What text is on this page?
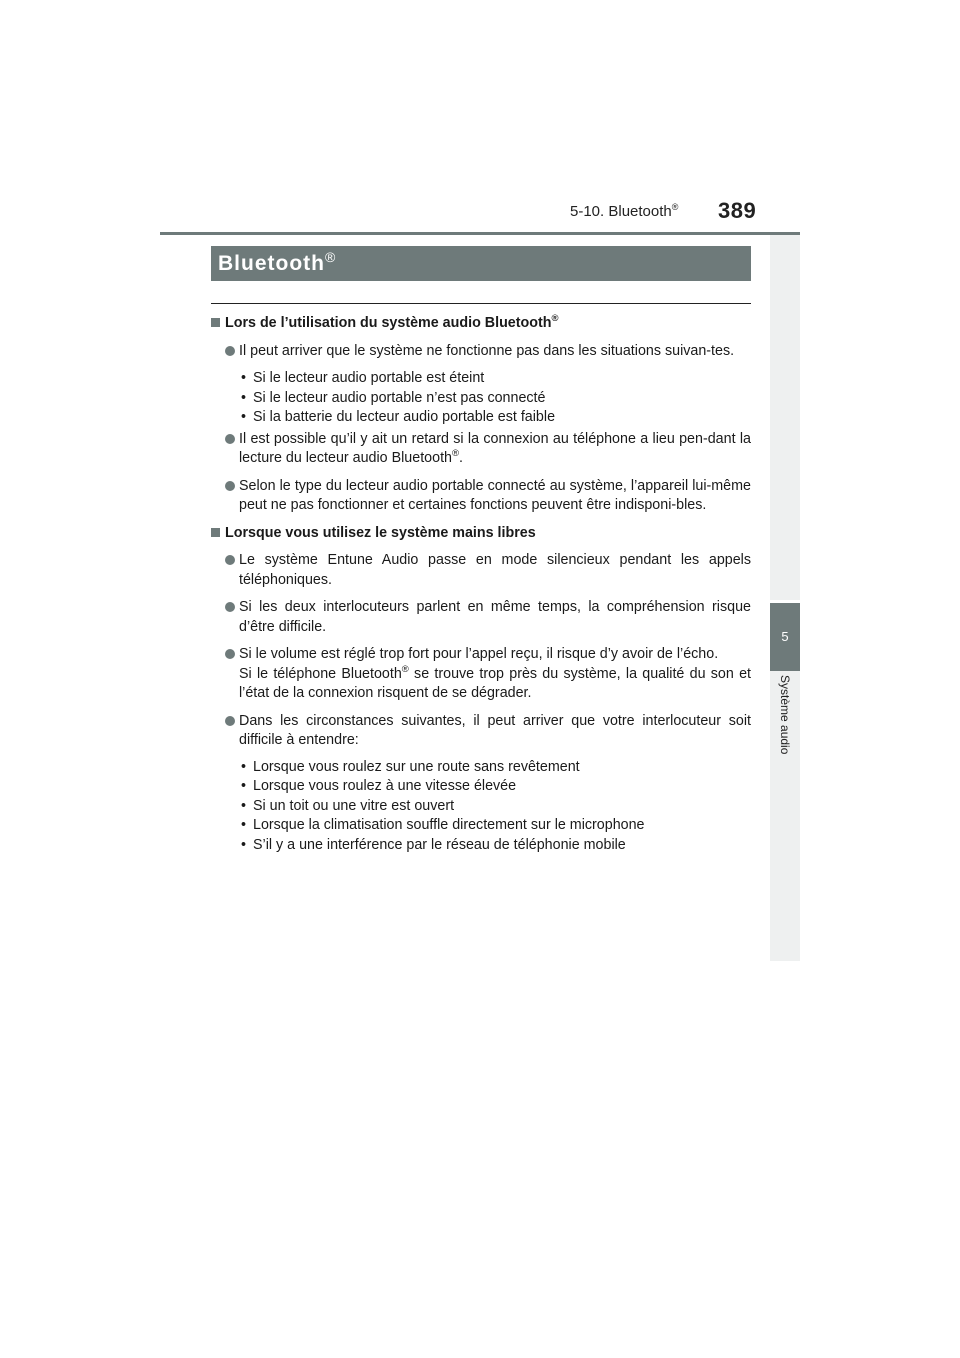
5-10. Bluetooth® 389
5
Système audio
Bluetooth®
Lors de l’utilisation du système audio Bluetooth®
Il peut arriver que le système ne fonctionne pas dans les situations suivan-tes.
• Si le lecteur audio portable est éteint
• Si le lecteur audio portable n’est pas connecté
• Si la batterie du lecteur audio portable est faible
Il est possible qu’il y ait un retard si la connexion au téléphone a lieu pen-dant la lecture du lecteur audio Bluetooth®.
Selon le type du lecteur audio portable connecté au système, l’appareil lui-même peut ne pas fonctionner et certaines fonctions peuvent être indisponi-bles.
Lorsque vous utilisez le système mains libres
Le système Entune Audio passe en mode silencieux pendant les appels téléphoniques.
Si les deux interlocuteurs parlent en même temps, la compréhension risque d’être difficile.
Si le volume est réglé trop fort pour l’appel reçu, il risque d’y avoir de l’écho.
Si le téléphone Bluetooth® se trouve trop près du système, la qualité du son et l’état de la connexion risquent de se dégrader.
Dans les circonstances suivantes, il peut arriver que votre interlocuteur soit difficile à entendre:
• Lorsque vous roulez sur une route sans revêtement
• Lorsque vous roulez à une vitesse élevée
• Si un toit ou une vitre est ouvert
• Lorsque la climatisation souffle directement sur le microphone
• S’il y a une interférence par le réseau de téléphonie mobile
